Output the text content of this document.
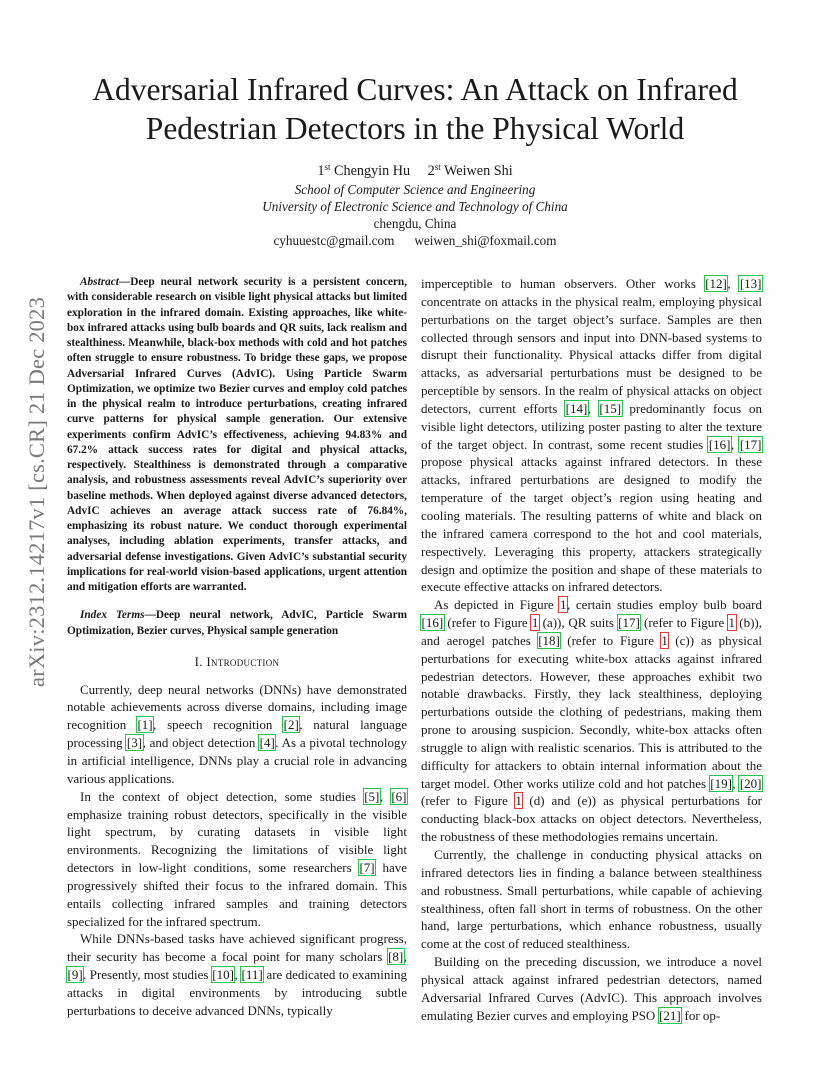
arXiv:2312.14217v1 [cs.CR] 21 Dec 2023
Adversarial Infrared Curves: An Attack on Infrared
Pedestrian Detectors in the Physical World
1st Chengyin Hu 2st Weiwen Shi
School of Computer Science and Engineering
University of Electronic Science and Technology of China
chengdu, China
cyhuuestc@gmail.com weiwen_shi@foxmail.com

Abstract—Deep neural network security is a persistent concern, with considerable research on visible light physical attacks but limited exploration in the infrared domain. Existing approaches, like white-box infrared attacks using bulb boards and QR suits, lack realism and stealthiness. Meanwhile, black-box methods with cold and hot patches often struggle to ensure robustness. To bridge these gaps, we propose Adversarial Infrared Curves (AdvIC). Using Particle Swarm Optimization, we optimize two Bezier curves and employ cold patches in the physical realm to introduce perturbations, creating infrared curve patterns for physical sample generation. Our extensive experiments confirm AdvIC’s effectiveness, achieving 94.83% and 67.2% attack success rates for digital and physical attacks, respectively. Stealthiness is demonstrated through a comparative analysis, and robustness assessments reveal AdvIC’s superiority over baseline methods. When deployed against diverse advanced detectors, AdvIC achieves an average attack success rate of 76.84%, emphasizing its robust nature. We conduct thorough experimental analyses, including ablation experiments, transfer attacks, and adversarial defense investigations. Given AdvIC’s substantial security implications for real-world vision-based applications, urgent attention and mitigation efforts are warranted.

Index Terms—Deep neural network, AdvIC, Particle Swarm Optimization, Bezier curves, Physical sample generation

I. Introduction

Currently, deep neural networks (DNNs) have demonstrated notable achievements across diverse domains, including image recognition [1], speech recognition [2], natural language processing [3], and object detection [4]. As a pivotal technology in artificial intelligence, DNNs play a crucial role in advancing various applications.

In the context of object detection, some studies [5], [6] emphasize training robust detectors, specifically in the visible light spectrum, by curating datasets in visible light environments. Recognizing the limitations of visible light detectors in low-light conditions, some researchers [7] have progressively shifted their focus to the infrared domain. This entails collecting infrared samples and training detectors specialized for the infrared spectrum.

While DNNs-based tasks have achieved significant progress, their security has become a focal point for many scholars [8], [9]. Presently, most studies [10], [11] are dedicated to examining attacks in digital environments by introducing subtle perturbations to deceive advanced DNNs, typically

imperceptible to human observers. Other works [12], [13] concentrate on attacks in the physical realm, employing physical perturbations on the target object’s surface. Samples are then collected through sensors and input into DNN-based systems to disrupt their functionality. Physical attacks differ from digital attacks, as adversarial perturbations must be designed to be perceptible by sensors. In the realm of physical attacks on object detectors, current efforts [14], [15] predominantly focus on visible light detectors, utilizing poster pasting to alter the texture of the target object. In contrast, some recent studies [16], [17] propose physical attacks against infrared detectors. In these attacks, infrared perturbations are designed to modify the temperature of the target object’s region using heating and cooling materials. The resulting patterns of white and black on the infrared camera correspond to the hot and cool materials, respectively. Leveraging this property, attackers strategically design and optimize the position and shape of these materials to execute effective attacks on infrared detectors.

As depicted in Figure 1, certain studies employ bulb board [16] (refer to Figure 1 (a)), QR suits [17] (refer to Figure 1 (b)), and aerogel patches [18] (refer to Figure 1 (c)) as physical perturbations for executing white-box attacks against infrared pedestrian detectors. However, these approaches exhibit two notable drawbacks. Firstly, they lack stealthiness, deploying perturbations outside the clothing of pedestrians, making them prone to arousing suspicion. Secondly, white-box attacks often struggle to align with realistic scenarios. This is attributed to the difficulty for attackers to obtain internal information about the target model. Other works utilize cold and hot patches [19], [20] (refer to Figure 1 (d) and (e)) as physical perturbations for conducting black-box attacks on object detectors. Nevertheless, the robustness of these methodologies remains uncertain.

Currently, the challenge in conducting physical attacks on infrared detectors lies in finding a balance between stealthiness and robustness. Small perturbations, while capable of achieving stealthiness, often fall short in terms of robustness. On the other hand, large perturbations, which enhance robustness, usually come at the cost of reduced stealthiness.

Building on the preceding discussion, we introduce a novel physical attack against infrared pedestrian detectors, named Adversarial Infrared Curves (AdvIC). This approach involves emulating Bezier curves and employing PSO [21] for op-
